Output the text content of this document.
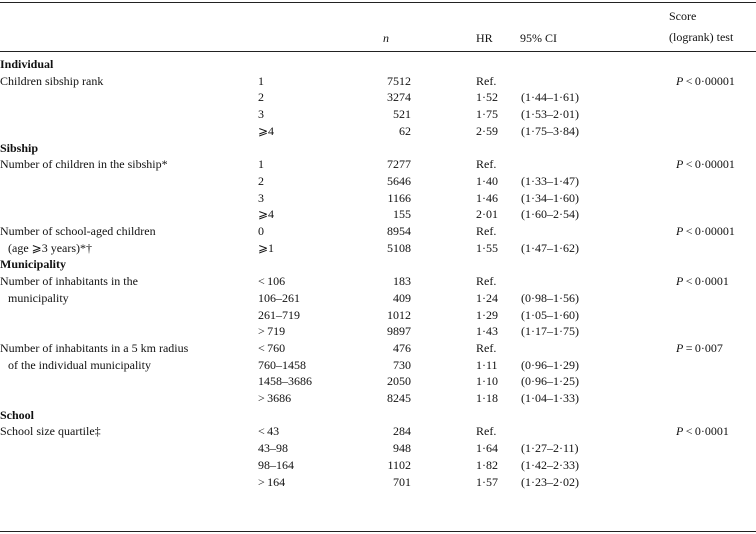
n	HR 95% CI
Score
(logrank) test
Individual
Children sibship rank	1	7512	Ref.	P < 0·00001
2	3274	1·52 (1·44–1·61)
3	521	1·75 (1·53–2·01)
⩾4	62	2·59 (1·75–3·84)
Sibship
Number of children in the sibship*	1	7277	Ref.	P < 0·00001
2	5646	1·40 (1·33–1·47)
3	1166	1·46 (1·34–1·60)
⩾4	155	2·01 (1·60–2·54)
Number of school-aged children
(age ⩾3 years)*†
0	8954	Ref.	P < 0·00001
⩾1	5108	1·55 (1·47–1·62)
Municipality
Number of inhabitants in the
municipality
< 106	183	Ref.	P < 0·0001
106–261	409	1·24 (0·98–1·56)
261–719	1012	1·29 (1·05–1·60)
> 719	9897	1·43 (1·17–1·75)
Number of inhabitants in a 5 km radius
of the individual municipality
< 760	476	Ref.	P = 0·007
760–1458	730	1·11 (0·96–1·29)
1458–3686	2050	1·10 (0·96–1·25)
> 3686	8245	1·18 (1·04–1·33)
School
School size quartile‡	< 43	284	Ref.	P < 0·0001
43–98	948	1·64 (1·27–2·11)
98–164	1102	1·82 (1·42–2·33)
> 164	701	1·57 (1·23–2·02)
